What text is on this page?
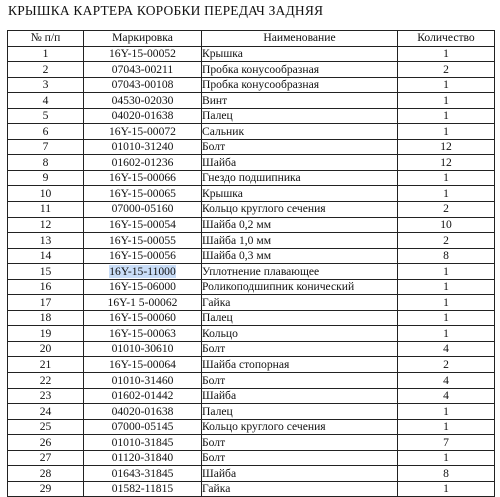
КРЫШКА КАРТЕРА КОРОБКИ ПЕРЕДАЧ ЗАДНЯЯ
№ п/п	Маркировка	Наименование	Количество
1	16Y-15-00052	Крышка	1
2	07043-00211	Пробка конусообразная	2
3	07043-00108	Пробка конусообразная	1
4	04530-02030	Винт	1
5	04020-01638	Палец	1
6	16Y-15-00072	Сальник	1
7	01010-31240	Болт	12
8	01602-01236	Шайба	12
9	16Y-15-00066	Гнездо подшипника	1
10	16Y-15-00065	Крышка	1
11	07000-05160	Кольцо круглого сечения	2
12	16Y-15-00054	Шайба 0,2 мм	10
13	16Y-15-00055	Шайба 1,0 мм	2
14	16Y-15-00056	Шайба 0,3 мм	8
15	16Y-15-11000	Уплотнение плавающее	1
16	16Y-15-06000	Роликоподшипник конический	1
17	16Y-1 5-00062	Гайка	1
18	16Y-15-00060	Палец	1
19	16Y-15-00063	Кольцо	1
20	01010-30610	Болт	4
21	16Y-15-00064	Шайба стопорная	2
22	01010-31460	Болт	4
23	01602-01442	Шайба	4
24	04020-01638	Палец	1
25	07000-05145	Кольцо круглого сечения	1
26	01010-31845	Болт	7
27	01120-31840	Болт	1
28	01643-31845	Шайба	8
29	01582-11815	Гайка	1
